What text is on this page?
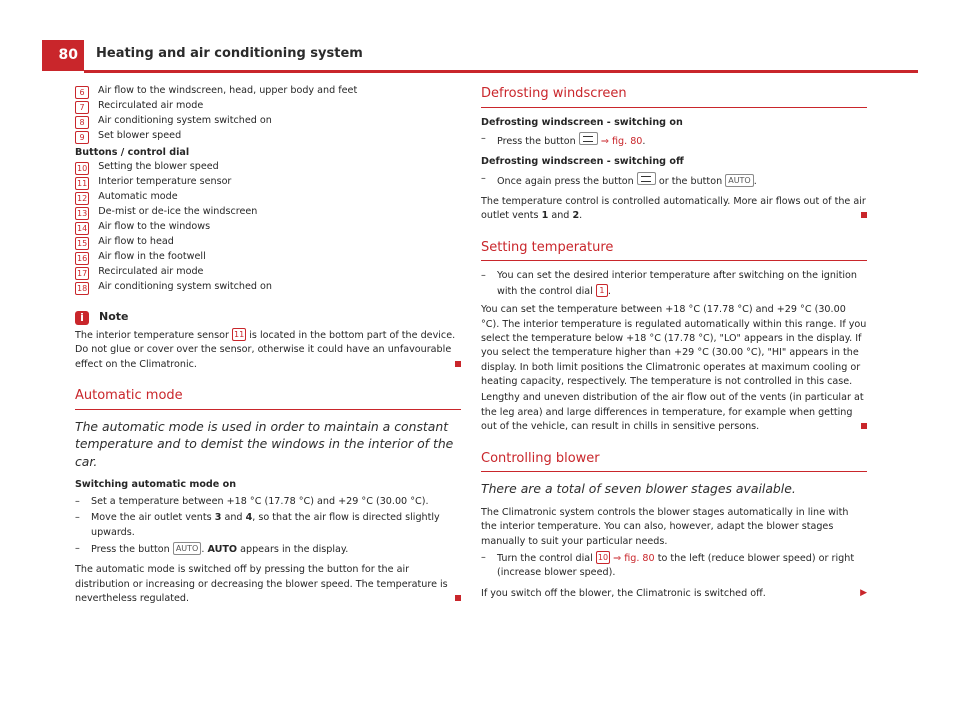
80	Heating and air conditioning system
6	Air flow to the windscreen, head, upper body and feet
7	Recirculated air mode
8	Air conditioning system switched on
9	Set blower speed
Buttons / control dial
10 Setting the blower speed
11 Interior temperature sensor
12 Automatic mode
13 De-mist or de-ice the windscreen
14 Air flow to the windows
15 Air flow to head
16 Air flow in the footwell
17 Recirculated air mode
18 Air conditioning system switched on
i	Note

The interior temperature sensor 11 is located in the bottom part of the device. Do not glue or cover over the sensor, otherwise it could have an unfavourable effect on the Climatronic.

Automatic mode
The automatic mode is used in order to maintain a constant temperature and to demist the windows in the interior of the car.
Switching automatic mode on
–	Set a temperature between +18 °C (17.78 °C) and +29 °C (30.00 °C).
–	Move the air outlet vents 3 and 4, so that the air flow is directed slightly upwards.
–	Press the button AUTO . AUTO appears in the display.

The automatic mode is switched off by pressing the button for the air distribution or increasing or decreasing the blower speed. The temperature is nevertheless regulated.

Defrosting windscreen
Defrosting windscreen - switching on
–	Press the button	⇒ fig. 80.
Defrosting windscreen - switching off
–	Once again press the button	or the button AUTO .

The temperature control is controlled automatically. More air flows out of the air outlet vents 1 and 2.

Setting temperature
–	You can set the desired interior temperature after switching on the ignition with the control dial 1 .

You can set the temperature between +18 °C (17.78 °C) and +29 °C (30.00 °C). The interior temperature is regulated automatically within this range. If you select the temperature below +18 °C (17.78 °C), "LO" appears in the display. If you select the temperature higher than +29 °C (30.00 °C), "HI" appears in the display. In both limit positions the Climatronic operates at maximum cooling or heating capacity, respectively. The temperature is not controlled in this case.

Lengthy and uneven distribution of the air flow out of the vents (in particular at the leg area) and large differences in temperature, for example when getting out of the vehicle, can result in chills in sensitive persons.

Controlling blower
There are a total of seven blower stages available.

The Climatronic system controls the blower stages automatically in line with the interior temperature. You can also, however, adapt the blower stages manually to suit your particular needs.

–	Turn the control dial 10 ⇒ fig. 80 to the left (reduce blower speed) or right (increase blower speed).

If you switch off the blower, the Climatronic is switched off.	▶
